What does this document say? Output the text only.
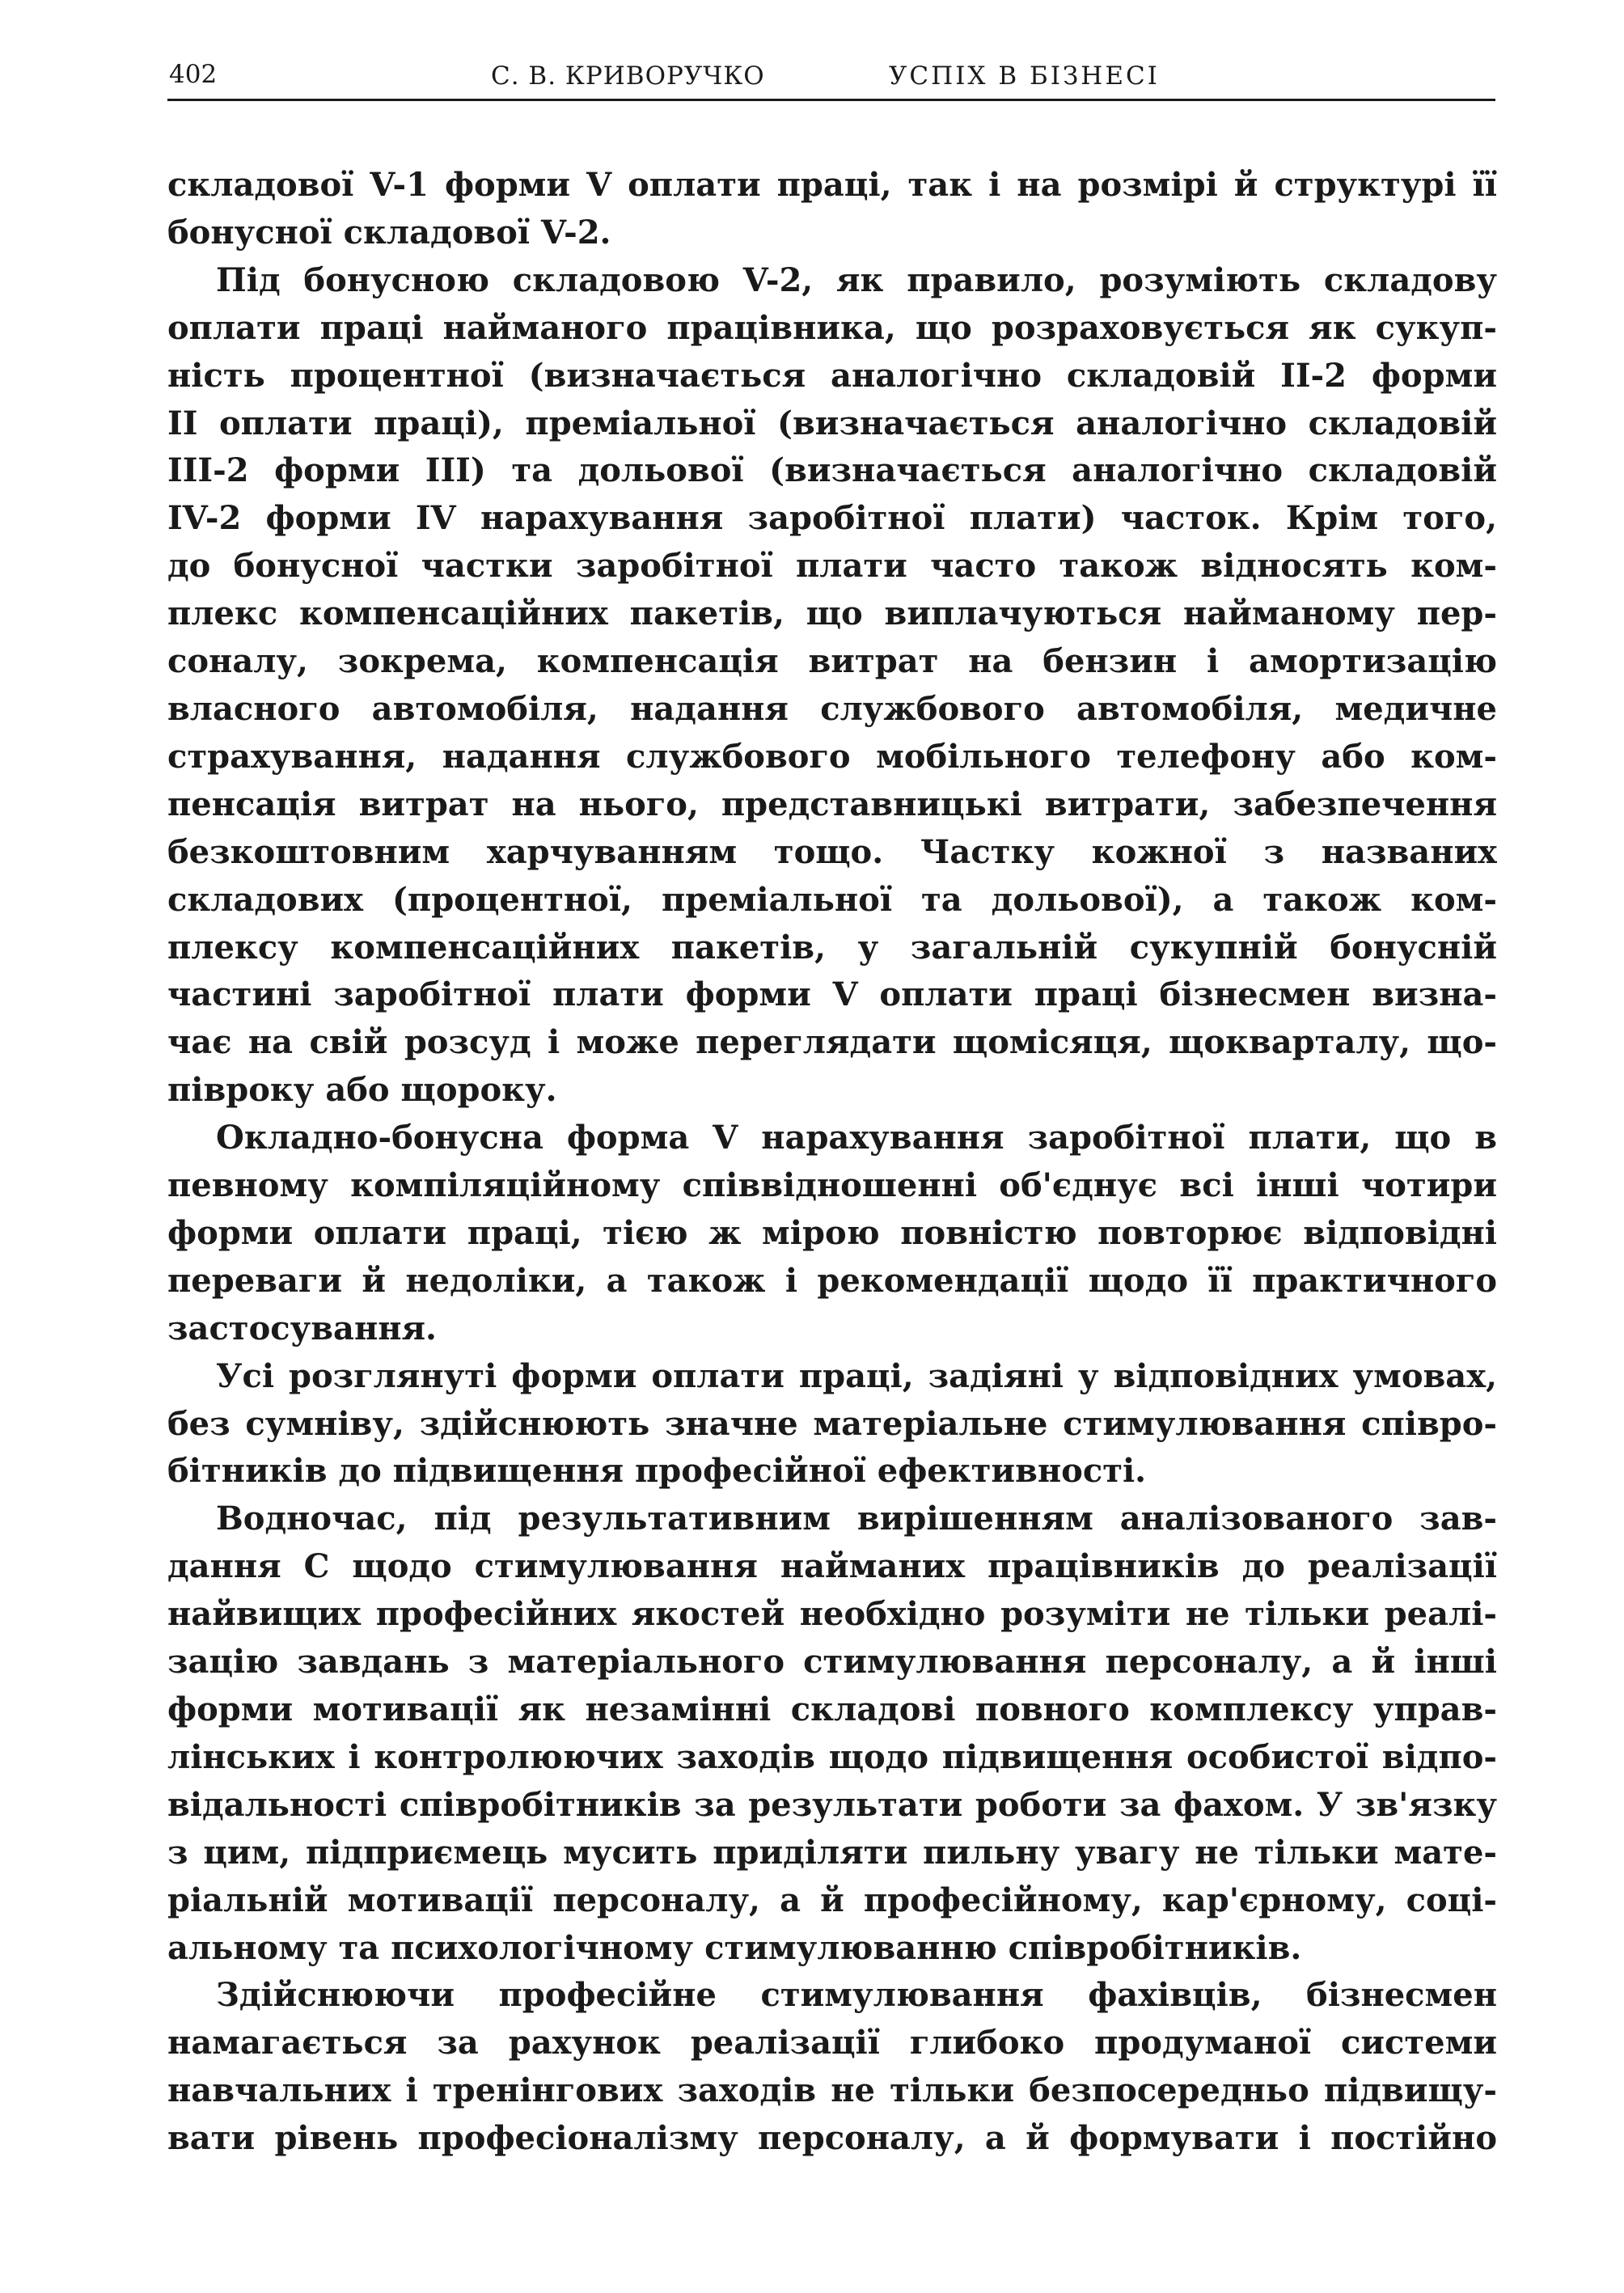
402	С. В. КРИВОРУЧКО	УСПІХ В БІЗНЕСІ
складової V-1 форми V оплати праці, так і на розмірі й структурі її
бонусної складової V-2.
Під бонусною складовою V-2, як правило, розуміють складову
оплати праці найманого працівника, що розраховується як сукуп-
ність процентної (визначається аналогічно складовій II-2 форми
II оплати праці), преміальної (визначається аналогічно складовій
III-2 форми III) та дольової (визначається аналогічно складовій
IV-2 форми IV нарахування заробітної плати) часток. Крім того,
до бонусної частки заробітної плати часто також відносять ком-
плекс компенсаційних пакетів, що виплачуються найманому пер-
соналу, зокрема, компенсація витрат на бензин і амортизацію
власного автомобіля, надання службового автомобіля, медичне
страхування, надання службового мобільного телефону або ком-
пенсація витрат на нього, представницькі витрати, забезпечення
безкоштовним харчуванням тощо. Частку кожної з названих
складових (процентної, преміальної та дольової), а також ком-
плексу компенсаційних пакетів, у загальній сукупній бонусній
частині заробітної плати форми V оплати праці бізнесмен визна-
чає на свій розсуд і може переглядати щомісяця, щокварталу, що-
півроку або щороку.
Окладно-бонусна форма V нарахування заробітної плати, що в
певному компіляційному співвідношенні об'єднує всі інші чотири
форми оплати праці, тією ж мірою повністю повторює відповідні
переваги й недоліки, а також і рекомендації щодо її практичного
застосування.
Усі розглянуті форми оплати праці, задіяні у відповідних умовах,
без сумніву, здійснюють значне матеріальне стимулювання співро-
бітників до підвищення професійної ефективності.
Водночас, під результативним вирішенням аналізованого зав-
дання С щодо стимулювання найманих працівників до реалізації
найвищих професійних якостей необхідно розуміти не тільки реалі-
зацію завдань з матеріального стимулювання персоналу, а й інші
форми мотивації як незамінні складові повного комплексу управ-
лінських і контролюючих заходів щодо підвищення особистої відпо-
відальності співробітників за результати роботи за фахом. У зв'язку
з цим, підприємець мусить приділяти пильну увагу не тільки мате-
ріальній мотивації персоналу, а й професійному, кар'єрному, соці-
альному та психологічному стимулюванню співробітників.
Здійснюючи професійне стимулювання фахівців, бізнесмен
намагається за рахунок реалізації глибоко продуманої системи
навчальних і тренінгових заходів не тільки безпосередньо підвищу-
вати рівень професіоналізму персоналу, а й формувати і постійно
